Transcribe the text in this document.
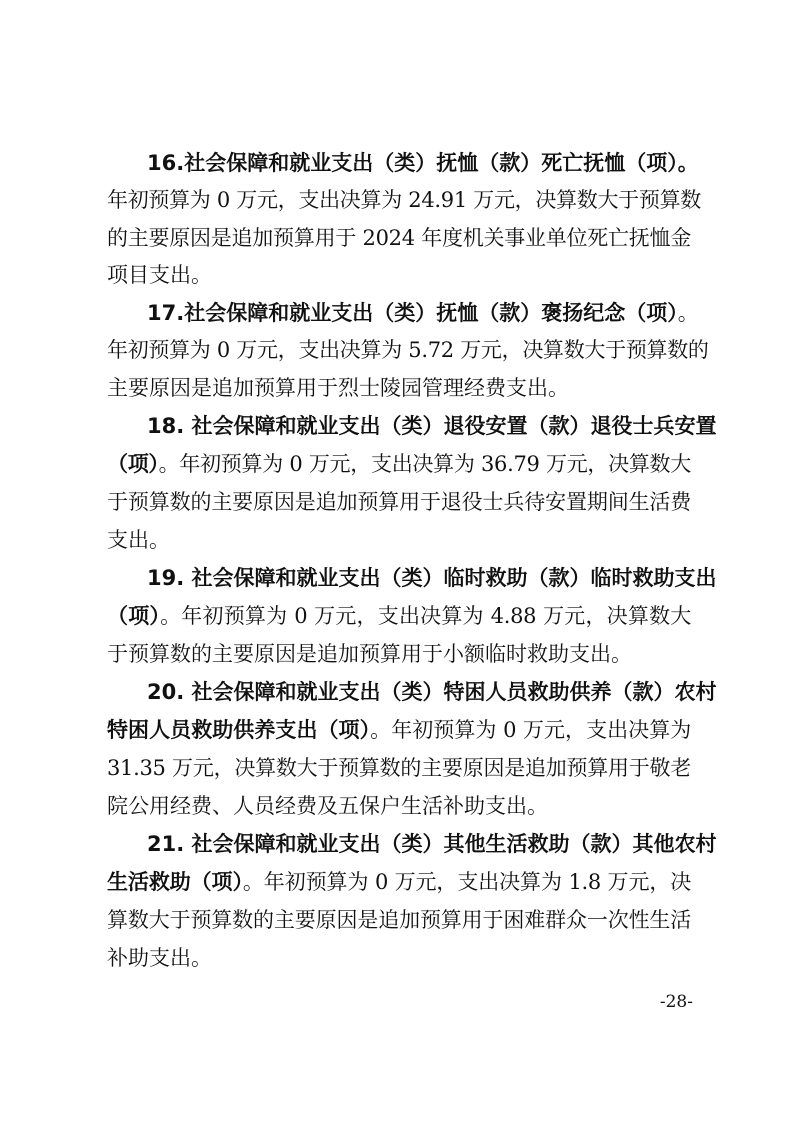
16.社会保障和就业支出（类）抚恤（款）死亡抚恤（项）。
年初预算为 0 万元，支出决算为 24.91 万元，决算数大于预算数
的主要原因是追加预算用于 2024 年度机关事业单位死亡抚恤金
项目支出。
17.社会保障和就业支出（类）抚恤（款）褒扬纪念（项）。
年初预算为 0 万元，支出决算为 5.72 万元，决算数大于预算数的
主要原因是追加预算用于烈士陵园管理经费支出。
18. 社会保障和就业支出（类）退役安置（款）退役士兵安置
（项）。年初预算为 0 万元，支出决算为 36.79 万元，决算数大
于预算数的主要原因是追加预算用于退役士兵待安置期间生活费
支出。
19. 社会保障和就业支出（类）临时救助（款）临时救助支出
（项）。年初预算为 0 万元，支出决算为 4.88 万元，决算数大
于预算数的主要原因是追加预算用于小额临时救助支出。
20. 社会保障和就业支出（类）特困人员救助供养（款）农村
特困人员救助供养支出（项）。年初预算为 0 万元，支出决算为
31.35 万元，决算数大于预算数的主要原因是追加预算用于敬老
院公用经费、人员经费及五保户生活补助支出。
21. 社会保障和就业支出（类）其他生活救助（款）其他农村
生活救助（项）。年初预算为 0 万元，支出决算为 1.8 万元，决
算数大于预算数的主要原因是追加预算用于困难群众一次性生活
补助支出。
-28-
